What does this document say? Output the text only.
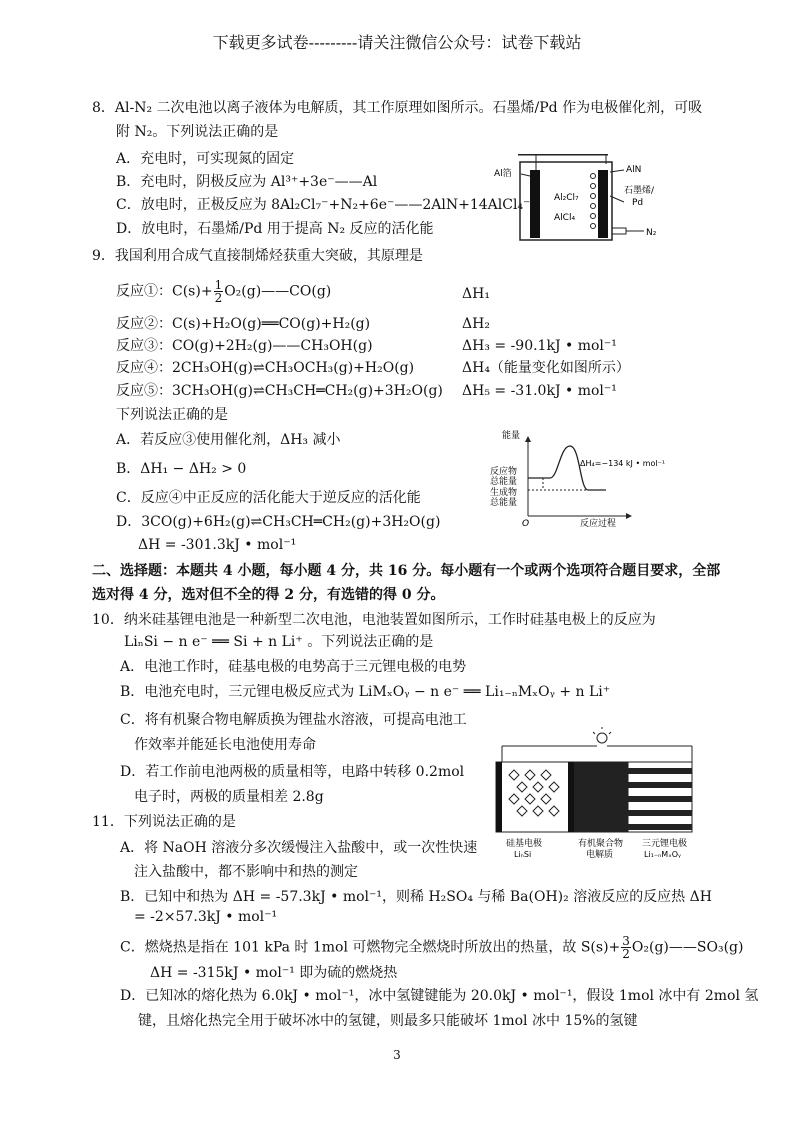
下载更多试卷---------请关注微信公众号：试卷下载站
8．Al-N₂ 二次电池以离子液体为电解质，其工作原理如图所示。石墨烯/Pd 作为电极催化剂，可吸
附 N₂。下列说法正确的是
A．充电时，可实现氮的固定
B．充电时，阴极反应为 Al³⁺+3e⁻——Al
C．放电时，正极反应为 8Al₂Cl₇⁻+N₂+6e⁻——2AlN+14AlCl₄⁻
D．放电时，石墨烯/Pd 用于提高 N₂ 反应的活化能
Al箔	AlN
石墨烯/
Pd
Al₂Cl₇
AlCl₄
N₂
9．我国利用合成气直接制烯烃获重大突破，其原理是
反应①：$C(s)+ \frac{1}{2}$ O₂(g)——CO(g)	ΔH₁
反应②：C(s)+H₂O(g)══CO(g)+H₂(g)	ΔH₂
反应③：CO(g)+2H₂(g)——CH₃OH(g)	ΔH₃ = -90.1kJ • mol⁻¹
反应④：2CH₃OH(g)⇌CH₃OCH₃(g)+H₂O(g)	ΔH₄（能量变化如图所示）
反应⑤：3CH₃OH(g)⇌CH₃CH═CH₂(g)+3H₂O(g) ΔH₅ = -31.0kJ • mol⁻¹
下列说法正确的是
A．若反应③使用催化剂，ΔH₃ 减小
B．ΔH₁ − ΔH₂ > 0
C．反应④中正反应的活化能大于逆反应的活化能
D．3CO(g)+6H₂(g)⇌CH₃CH═CH₂(g)+3H₂O(g)
ΔH = -301.3kJ • mol⁻¹
能量
ΔH₄=−134 kJ • mol⁻¹
反应物
总能量
生成物
总能量
O	反应过程
二、选择题：本题共 4 小题，每小题 4 分，共 16 分。每小题有一个或两个选项符合题目要求，全部
选对得 4 分，选对但不全的得 2 分，有选错的得 0 分。
10．纳米硅基锂电池是一种新型二次电池，电池装置如图所示，工作时硅基电极上的反应为
LiₙSi − n e⁻ ══ Si + n Li⁺ 。下列说法正确的是
A．电池工作时，硅基电极的电势高于三元锂电极的电势
B．电池充电时，三元锂电极反应式为 LiMₓOᵧ − n e⁻ ══ Li₁₋ₙMₓOᵧ + n Li⁺
C．将有机聚合物电解质换为锂盐水溶液，可提高电池工
作效率并能延长电池使用寿命
D．若工作前电池两极的质量相等，电路中转移 0.2mol
电子时，两极的质量相差 2.8g
硅基电极
LiₙSi
有机聚合物
电解质
三元锂电极
Li₁₋ₙMₓOᵧ
11．下列说法正确的是
A．将 NaOH 溶液分多次缓慢注入盐酸中，或一次性快速
注入盐酸中，都不影响中和热的测定
B．已知中和热为 ΔH = -57.3kJ • mol⁻¹，则稀 H₂SO₄ 与稀 Ba(OH)₂ 溶液反应的反应热 ΔH
= -2×57.3kJ • mol⁻¹
C．燃烧热是指在 101 kPa 时 1mol 可燃物完全燃烧时所放出的热量，故 $S(s)+ \frac{3}{2}$ O₂(g)——SO₃(g)
ΔH = -315kJ • mol⁻¹ 即为硫的燃烧热
D．已知冰的熔化热为 6.0kJ • mol⁻¹，冰中氢键键能为 20.0kJ • mol⁻¹，假设 1mol 冰中有 2mol 氢
键，且熔化热完全用于破坏冰中的氢键，则最多只能破坏 1mol 冰中 15%的氢键
3
